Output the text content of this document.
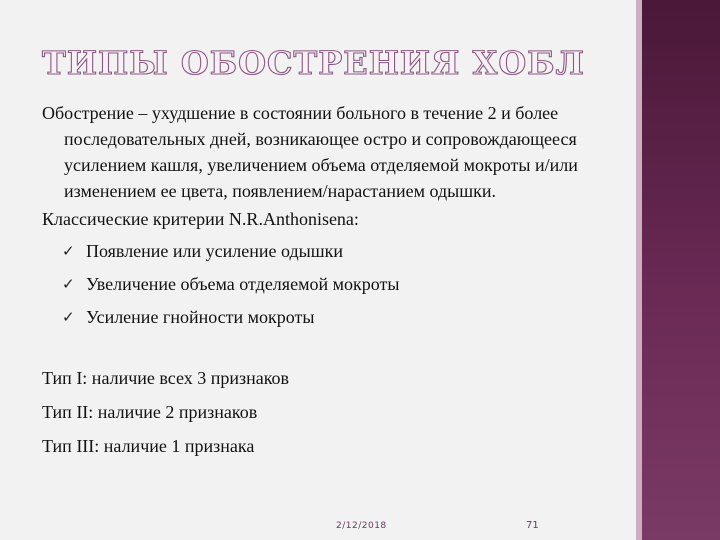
ТИПЫ ОБОСТРЕНИЯ ХОБЛ

Обострение – ухудшение в состоянии больного в течение 2 и более последовательных дней, возникающее остро и сопровождающееся усилением кашля, увеличением объема отделяемой мокроты и/или изменением ее цвета, появлением/нарастанием одышки.

Классические критерии N.R.Anthonisena:

✓ Появление или усиление одышки
✓ Увеличение объема отделяемой мокроты
✓ Усиление гнойности мокроты

Тип I: наличие всех 3 признаков

Тип II: наличие 2 признаков

Тип III: наличие 1 признака

2/12/2018	71
